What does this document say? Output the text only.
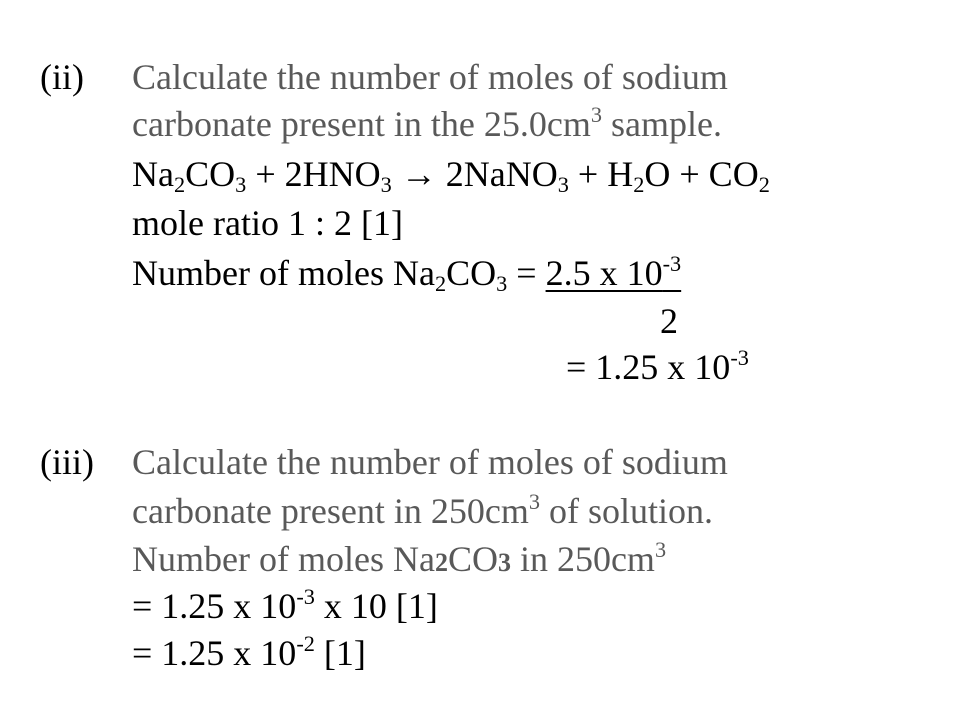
(ii) Calculate the number of moles of sodium
carbonate present in the $25.0cm^3$ sample.
$Na_2CO_3 + 2HNO_3$ → 2NaNO$_3$ + $H_2O + CO_2$
mole ratio 1 : 2 [1]
Number of moles $Na_2CO_3 = 2.5$ x $10^{-3}$
2
= 1.25 x $10^{-3}$
(iii) Calculate the number of moles of sodium
carbonate present in $250cm^3$ of solution.
Number of moles Na2CO3 in $250cm^3$
= 1.25 x $10^{-3}$ x 10 [1]
= 1.25 x $10^{-2}$ [1]
